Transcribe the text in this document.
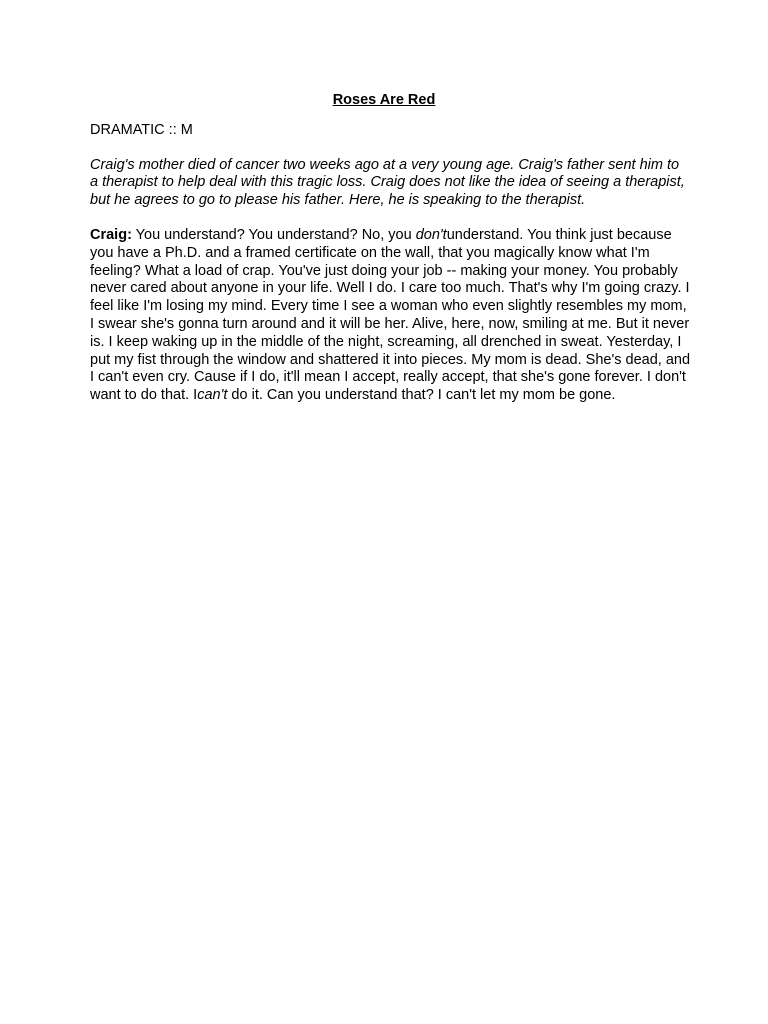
Roses Are Red
DRAMATIC :: M
Craig's mother died of cancer two weeks ago at a very young age. Craig's father sent him to a therapist to help deal with this tragic loss. Craig does not like the idea of seeing a therapist, but he agrees to go to please his father. Here, he is speaking to the therapist.

Craig: You understand? You understand? No, you don'tunderstand. You think just because you have a Ph.D. and a framed certificate on the wall, that you magically know what I'm feeling? What a load of crap. You've just doing your job -- making your money. You probably never cared about anyone in your life. Well I do. I care too much. That's why I'm going crazy. I feel like I'm losing my mind. Every time I see a woman who even slightly resembles my mom, I swear she's gonna turn around and it will be her. Alive, here, now, smiling at me. But it never is. I keep waking up in the middle of the night, screaming, all drenched in sweat. Yesterday, I put my fist through the window and shattered it into pieces. My mom is dead. She's dead, and I can't even cry. Cause if I do, it'll mean I accept, really accept, that she's gone forever. I don't want to do that. Ican't do it. Can you understand that? I can't let my mom be gone.
